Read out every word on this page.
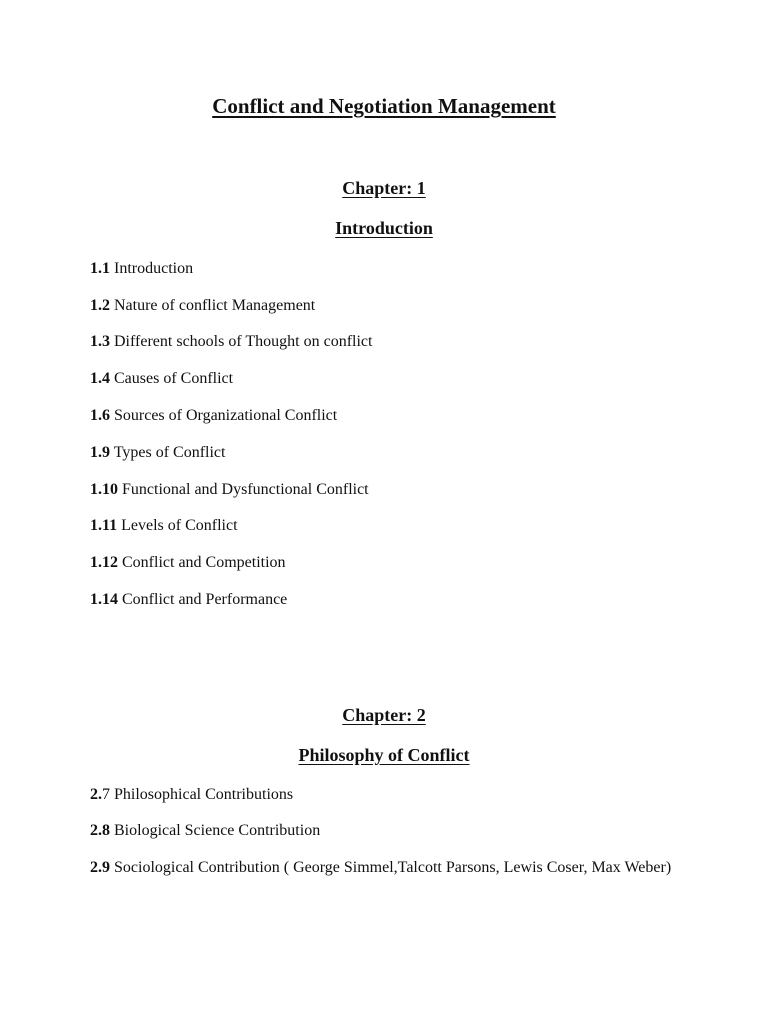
Conflict and Negotiation Management
Chapter: 1
Introduction

1.1 Introduction

1.2 Nature of conflict Management

1.3 Different schools of Thought on conflict

1.4 Causes of Conflict

1.6 Sources of Organizational Conflict

1.9 Types of Conflict

1.10 Functional and Dysfunctional Conflict

1.11 Levels of Conflict

1.12 Conflict and Competition

1.14 Conflict and Performance

Chapter: 2
Philosophy of Conflict

2.7 Philosophical Contributions

2.8 Biological Science Contribution

2.9 Sociological Contribution ( George Simmel,Talcott Parsons, Lewis Coser, Max Weber)
